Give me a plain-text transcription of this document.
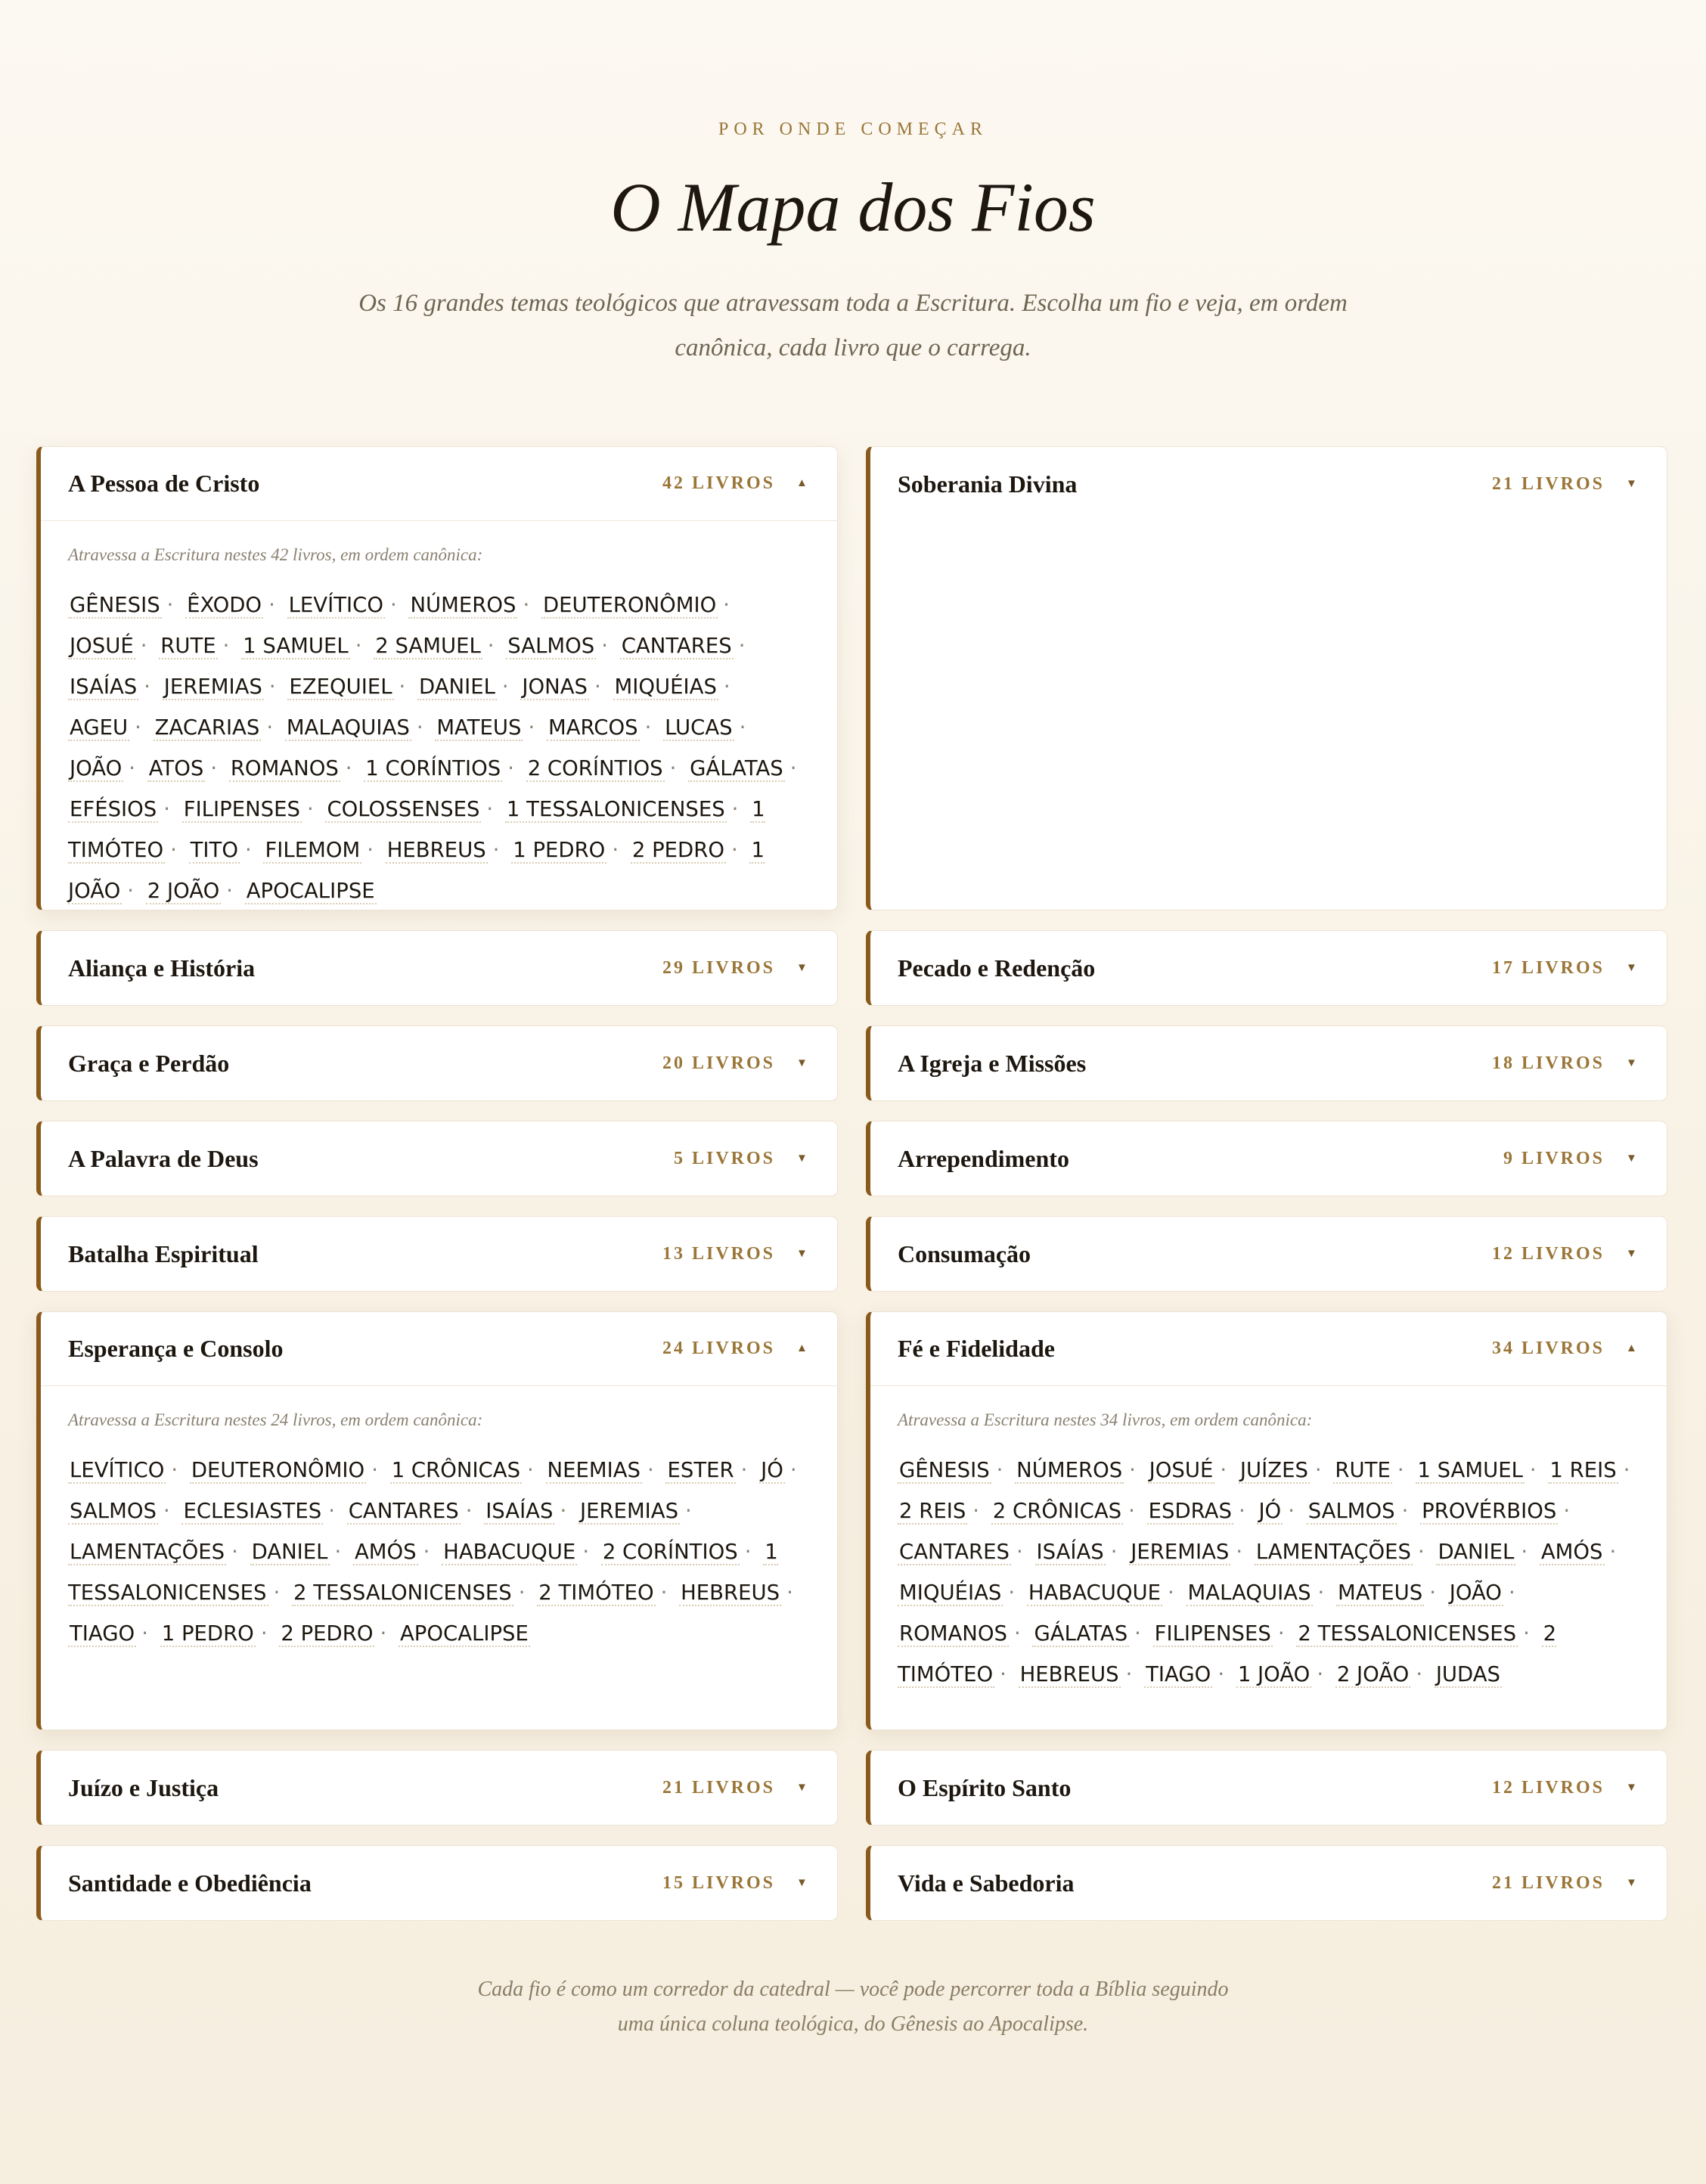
POR ONDE COMEÇAR
O Mapa dos Fios

Os 16 grandes temas teológicos que atravessam toda a Escritura. Escolha um fio e veja, em ordem canônica, cada livro que o carrega.

A Pessoa de Cristo	42 LIVROS ▲

Atravessa a Escritura nestes 42 livros, em ordem canônica:

GÊNESIS · ÊXODO · LEVÍTICO · NÚMEROS · DEUTERONÔMIO · JOSUÉ · RUTE · 1 SAMUEL · 2 SAMUEL · SALMOS · CANTARES · ISAÍAS · JEREMIAS · EZEQUIEL · DANIEL · JONAS · MIQUÉIAS · AGEU · ZACARIAS · MALAQUIAS · MATEUS · MARCOS · LUCAS · JOÃO · ATOS · ROMANOS · 1 CORÍNTIOS · 2 CORÍNTIOS · GÁLATAS · EFÉSIOS · FILIPENSES · COLOSSENSES · 1 TESSALONICENSES · 1 TIMÓTEO · TITO · FILEMOM · HEBREUS · 1 PEDRO · 2 PEDRO · 1 JOÃO · 2 JOÃO · APOCALIPSE

Aliança e História	29 LIVROS ▼
Graça e Perdão	20 LIVROS ▼
A Palavra de Deus	5 LIVROS ▼
Batalha Espiritual	13 LIVROS ▼
Esperança e Consolo	24 LIVROS ▲

Atravessa a Escritura nestes 24 livros, em ordem canônica:

LEVÍTICO · DEUTERONÔMIO · 1 CRÔNICAS · NEEMIAS · ESTER · JÓ · SALMOS · ECLESIASTES · CANTARES · ISAÍAS · JEREMIAS · LAMENTAÇÕES · DANIEL · AMÓS · HABACUQUE · 2 CORÍNTIOS · 1 TESSALONICENSES · 2 TESSALONICENSES · 2 TIMÓTEO · HEBREUS · TIAGO · 1 PEDRO · 2 PEDRO · APOCALIPSE

Juízo e Justiça	21 LIVROS ▼
Santidade e Obediência	15 LIVROS ▼
Soberania Divina	21 LIVROS ▼
Pecado e Redenção	17 LIVROS ▼
A Igreja e Missões	18 LIVROS ▼
Arrependimento	9 LIVROS ▼
Consumação	12 LIVROS ▼
Fé e Fidelidade	34 LIVROS ▲

Atravessa a Escritura nestes 34 livros, em ordem canônica:

GÊNESIS · NÚMEROS · JOSUÉ · JUÍZES · RUTE · 1 SAMUEL · 1 REIS · 2 REIS · 2 CRÔNICAS · ESDRAS · JÓ · SALMOS · PROVÉRBIOS · CANTARES · ISAÍAS · JEREMIAS · LAMENTAÇÕES · DANIEL · AMÓS · MIQUÉIAS · HABACUQUE · MALAQUIAS · MATEUS · JOÃO · ROMANOS · GÁLATAS · FILIPENSES · 2 TESSALONICENSES · 2 TIMÓTEO · HEBREUS · TIAGO · 1 JOÃO · 2 JOÃO · JUDAS

O Espírito Santo	12 LIVROS ▼
Vida e Sabedoria	21 LIVROS ▼

Cada fio é como um corredor da catedral — você pode percorrer toda a Bíblia seguindo uma única coluna teológica, do Gênesis ao Apocalipse.
